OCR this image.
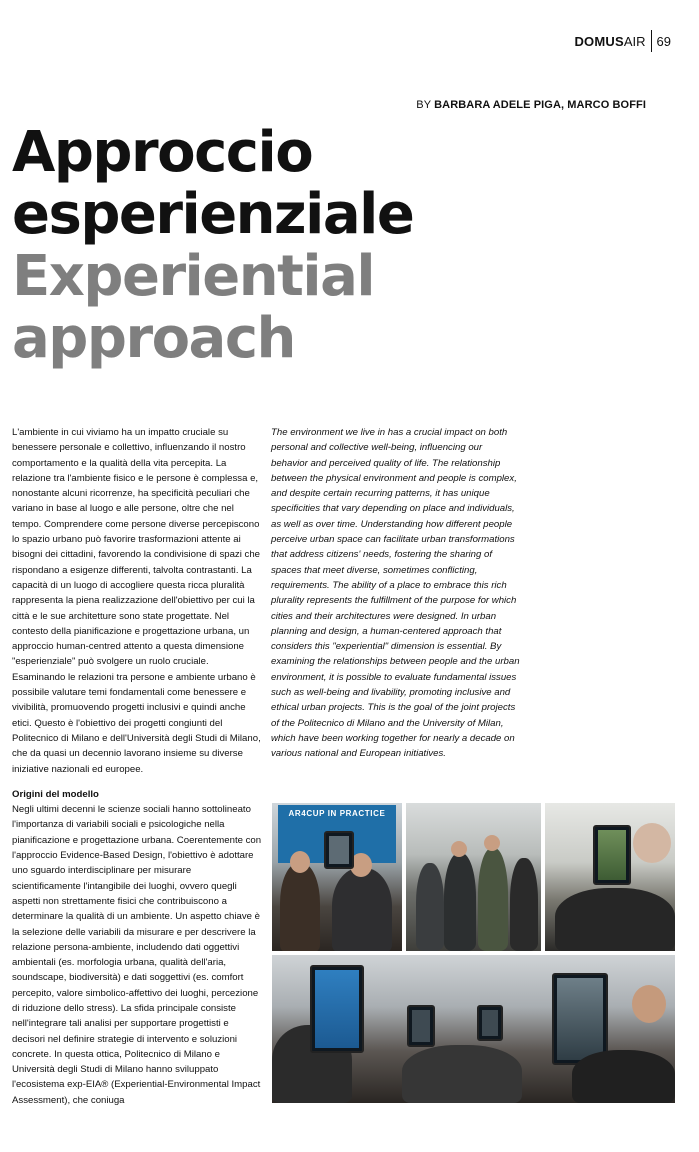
DOMUS AIR 69
BY BARBARA ADELE PIGA, MARCO BOFFI
Approccio
esperienziale
Experiential
approach

L'ambiente in cui viviamo ha un impatto cruciale su benessere personale e collettivo, influenzando il nostro comportamento e la qualità della vita percepita. La relazione tra l'ambiente fisico e le persone è complessa e, nonostante alcuni ricorrenze, ha specificità peculiari che variano in base al luogo e alle persone, oltre che nel tempo. Comprendere come persone diverse percepiscono lo spazio urbano può favorire trasformazioni attente ai bisogni dei cittadini, favorendo la condivisione di spazi che rispondano a esigenze differenti, talvolta contrastanti. La capacità di un luogo di accogliere questa ricca pluralità rappresenta la piena realizzazione dell'obiettivo per cui la città e le sue architetture sono state progettate. Nel contesto della pianificazione e progettazione urbana, un approccio human-centred attento a questa dimensione "esperienziale" può svolgere un ruolo cruciale. Esaminando le relazioni tra persone e ambiente urbano è possibile valutare temi fondamentali come benessere e vivibilità, promuovendo progetti inclusivi e quindi anche etici. Questo è l'obiettivo dei progetti congiunti del Politecnico di Milano e dell'Università degli Studi di Milano, che da quasi un decennio lavorano insieme su diverse iniziative nazionali ed europee.

Origini del modello

Negli ultimi decenni le scienze sociali hanno sottolineato l'importanza di variabili sociali e psicologiche nella pianificazione e progettazione urbana. Coerentemente con l'approccio Evidence-Based Design, l'obiettivo è adottare uno sguardo interdisciplinare per misurare scientificamente l'intangibile dei luoghi, ovvero quegli aspetti non strettamente fisici che contribuiscono a determinare la qualità di un ambiente. Un aspetto chiave è la selezione delle variabili da misurare e per descrivere la relazione persona-ambiente, includendo dati oggettivi ambientali (es. morfologia urbana, qualità dell'aria, soundscape, biodiversità) e dati soggettivi (es. comfort percepito, valore simbolico-affettivo dei luoghi, percezione di riduzione dello stress). La sfida principale consiste nell'integrare tali analisi per supportare progettisti e decisori nel definire strategie di intervento e soluzioni concrete. In questa ottica, Politecnico di Milano e Università degli Studi di Milano hanno sviluppato l'ecosistema exp-EIA® (Experiential-Environmental Impact Assessment), che coniuga

The environment we live in has a crucial impact on both personal and collective well-being, influencing our behavior and perceived quality of life. The relationship between the physical environment and people is complex, and despite certain recurring patterns, it has unique specificities that vary depending on place and individuals, as well as over time. Understanding how different people perceive urban space can facilitate urban transformations that address citizens' needs, fostering the sharing of spaces that meet diverse, sometimes conflicting, requirements. The ability of a place to embrace this rich plurality represents the fulfillment of the purpose for which cities and their architectures were designed. In urban planning and design, a human-centered approach that considers this "experiential" dimension is essential. By examining the relationships between people and the urban environment, it is possible to evaluate fundamental issues such as well-being and livability, promoting inclusive and ethical urban projects. This is the goal of the joint projects of the Politecnico di Milano and the University of Milan, which have been working together for nearly a decade on various national and European initiatives.

AR4CUP IN PRACTICE
